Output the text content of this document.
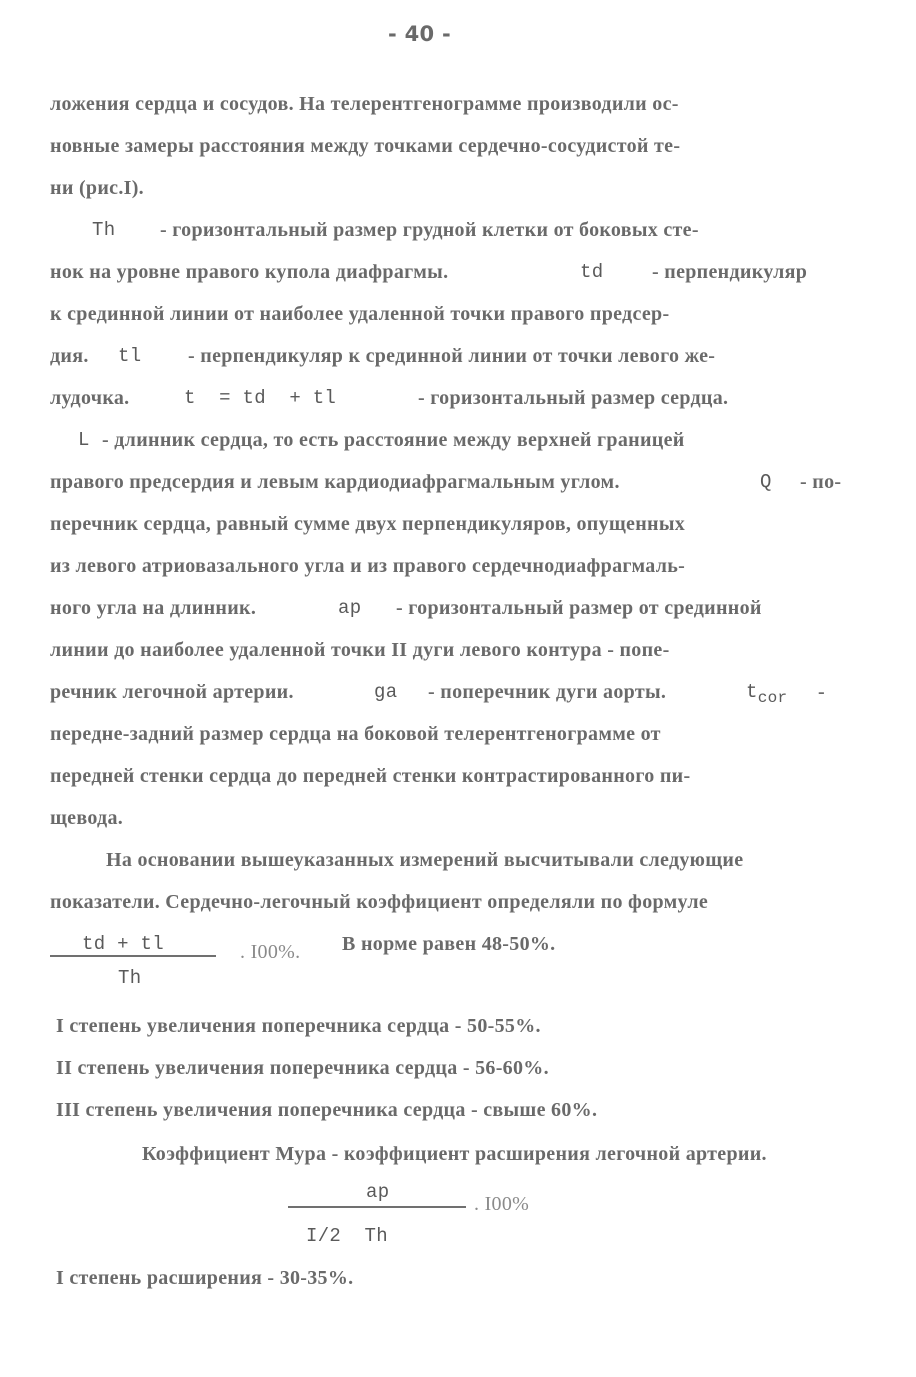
- 40 -
ложения сердца и сосудов. На телерентгенограмме производили ос-
новные замеры расстояния между точками сердечно-сосудистой те-
ни (рис.I).
Th - горизонтальный размер грудной клетки от боковых сте-
нок на уровне правого купола диафрагмы.	td - перпендикуляр
к срединной линии от наиболее удаленной точки правого предсер-
дия. tl - перпендикуляр к срединной линии от точки левого же-
лудочка.	t  = td  + tl	- горизонтальный размер сердца.
L - длинник сердца, то есть расстояние между верхней границей
правого предсердия и левым кардиодиафрагмальным углом.	Q - по-
перечник сердца, равный сумме двух перпендикуляров, опущенных
из левого атриовазального угла и из правого сердечнодиафрагмаль-
ного угла на длинник.	ap - горизонтальный размер от срединной
линии до наиболее удаленной точки II дуги левого контура - попе-
речник легочной артерии.	ga - поперечник дуги аорты.	$t_{cor}$ -
передне-задний размер сердца на боковой телерентгенограмме от
передней стенки сердца до передней стенки контрастированного пи-
щевода.
На основании вышеуказанных измерений высчитывали следующие
показатели. Сердечно-легочный коэффициент определяли по формуле
td + tl
Th
. I00%. В норме равен 48-50%.
I степень увеличения поперечника сердца - 50-55%.
II степень увеличения поперечника сердца - 56-60%.
III степень увеличения поперечника сердца - свыше 60%.
Коэффициент Мура - коэффициент расширения легочной артерии.
ap
I/2  Th
. I00%
I степень расширения - 30-35%.
